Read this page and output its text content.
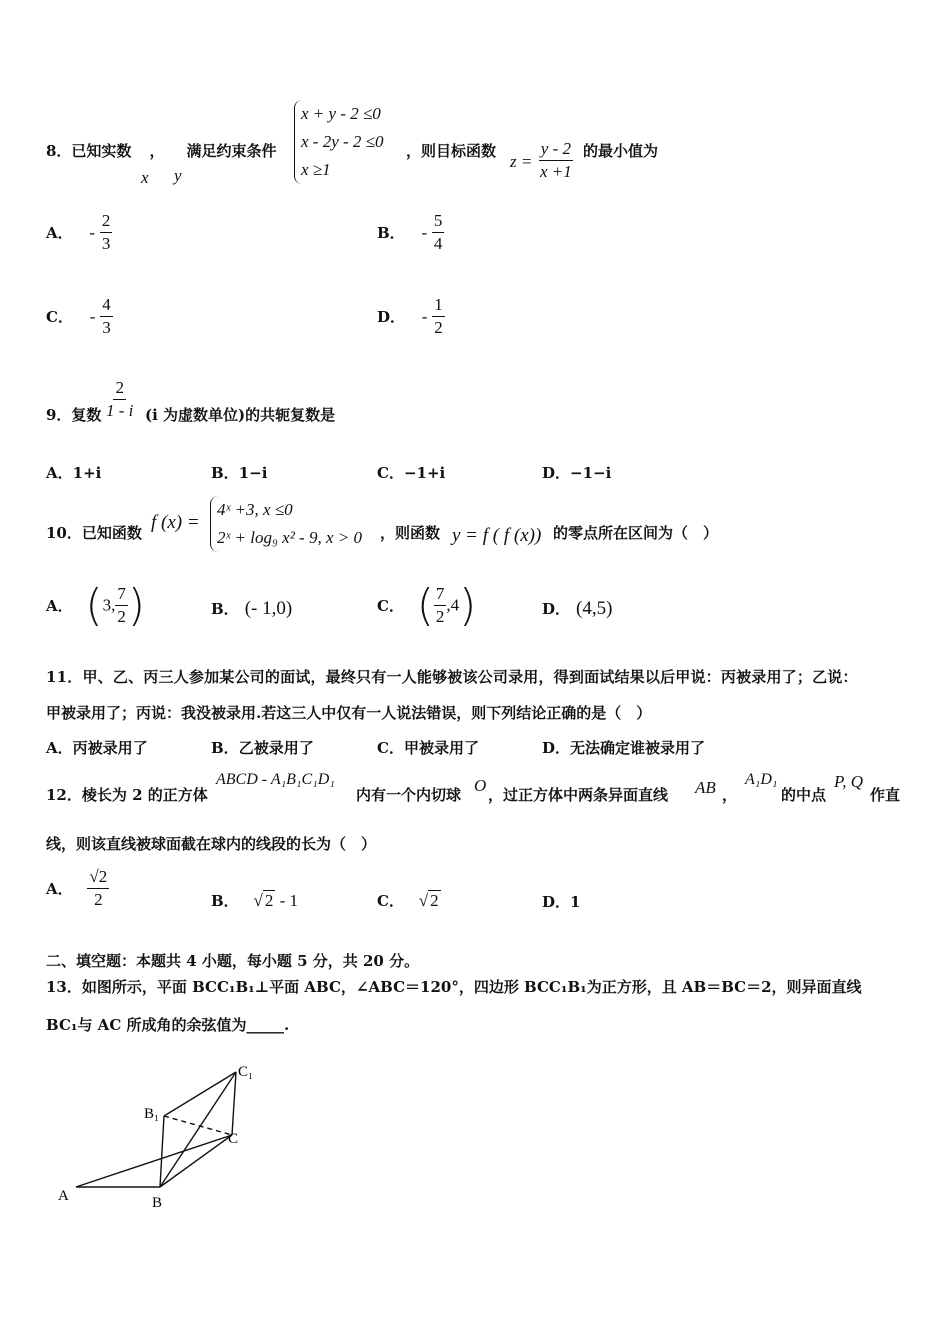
8．已知实数 ， 满足约束条件
x y
x + y - 2 ≤0
x - 2y - 2 ≤0
x ≥1
，则目标函数
$z = \frac{y - 2}{x +1}$ 的最小值为
A． - $\frac{2}{3}$	B． - $\frac{5}{4}$
C． - $\frac{4}{3}$	D． - $\frac{1}{2}$
9．复数 $\frac{2}{1 - i} (i$ 为虚数单位)的共轭复数是
A．1+i	B．1−i	C．−1+i	D．−1−i
10．已知函数 f (x) =
4ˣ +3, x ≤0
2ˣ + log₉ x² - 9, x > 0 ，则函数 y = f ( f (x)) 的零点所在区间为（　）
A． (3, $\frac{7}{2}$ )	B． (- 1,0)	C． ( $\frac{7}{2} ,4$)	D． (4,5)
11．甲、乙、丙三人参加某公司的面试，最终只有一人能够被该公司录用，得到面试结果以后甲说：丙被录用了；乙说：
甲被录用了；丙说：我没被录用.若这三人中仅有一人说法错误，则下列结论正确的是（　）
A．丙被录用了	B．乙被录用了	C．甲被录用了	D．无法确定谁被录用了
12．棱长为 2 的正方体
ABCD - A₁B₁C₁D₁
内有一个内切球 O ，过正方体中两条异面直线 AB ，
A₁D₁
的中点
P, Q
作直
线，则该直线被球面截在球内的线段的长为（　）
A． $\frac{√2}{2}$	B． √ 2 - 1	C． √ 2	D．1
二、填空题：本题共 4 小题，每小题 5 分，共 20 分。
13．如图所示，平面 BCC₁B₁⊥平面 ABC，∠ABC＝120°，四边形 BCC₁B₁为正方形，且 AB＝BC＝2，则异面直线
BC₁与 AC 所成角的余弦值为_____.
A	B
C
B₁
C₁
